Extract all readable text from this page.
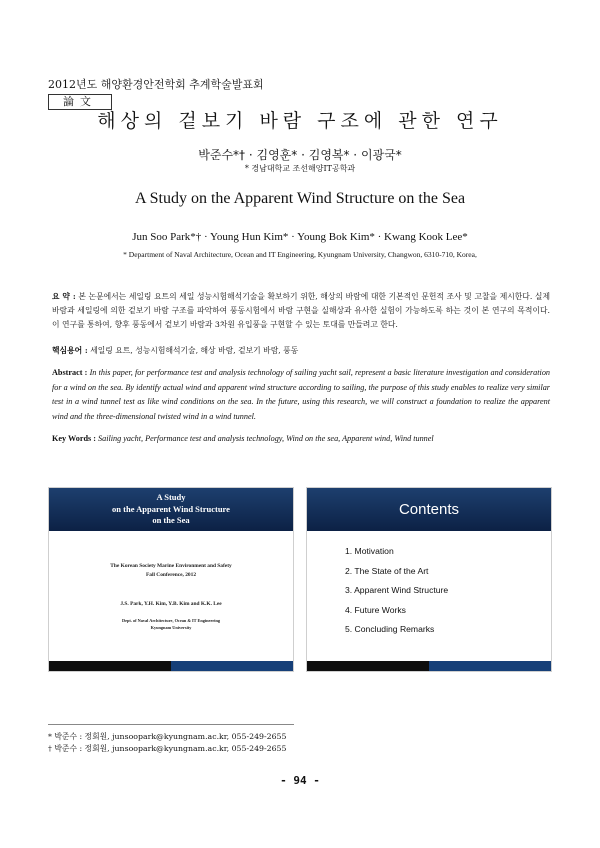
2012년도 해양환경안전학회 추계학술발표회
論文
해상의 겉보기 바람 구조에 관한 연구
박준수*† · 김영훈* · 김영복* · 이광국*
* 경남대학교 조선해양IT공학과
A Study on the Apparent Wind Structure on the Sea
Jun Soo Park*† · Young Hun Kim* · Young Bok Kim* · Kwang Kook Lee*
* Department of Naval Architecture, Ocean and IT Engineering, Kyungnam University, Changwon, 6310-710, Korea,
요 약 : 본 논문에서는 세일링 요트의 세일 성능시험해석기술을 확보하기 위한, 해상의 바람에 대한 기본적인 문헌적 조사 및 고찰을 제시한다. 실제 바람과 세일링에 의한 겉보기 바람 구조를 파악하여 풍동시험에서 바람 구현을 실해상과 유사한 실험이 가능하도록 하는 것이 본 연구의 목적이다. 이 연구를 통하여, 향후 풍동에서 겉보기 바람과 3차원 유입풍을 구현할 수 있는 토대를 만들려고 한다.
핵심용어 : 세일링 요트, 성능시험해석기술, 해상 바람, 겉보기 바람, 풍동
Abstract : In this paper, for performance test and analysis technology of sailing yacht sail, represent a basic literature investigation and consideration for a wind on the sea. By identify actual wind and apparent wind structure according to sailing, the purpose of this study enables to realize very similar test in a wind tunnel test as like wind conditions on the sea. In the future, using this research, we will construct a foundation to realize the apparent wind and the three-dimensional twisted wind in a wind tunnel.
Key Words : Sailing yacht, Performance test and analysis technology, Wind on the sea, Apparent wind, Wind tunnel
A Study
on the Apparent Wind Structure
on the Sea
The Korean Society Marine Environment and Safety
Fall Conference, 2012
J.S. Park, Y.H. Kim, Y.B. Kim and K.K. Lee
Dept. of Naval Architecture, Ocean & IT Engineering
Kyungnam University
Contents
1. Motivation
2. The State of the Art
3. Apparent Wind Structure
4. Future Works
5. Concluding Remarks
* 박준수 : 정회원, junsoopark@kyungnam.ac.kr, 055-249-2655
† 박준수 : 정회원, junsoopark@kyungnam.ac.kr, 055-249-2655
- 94 -
